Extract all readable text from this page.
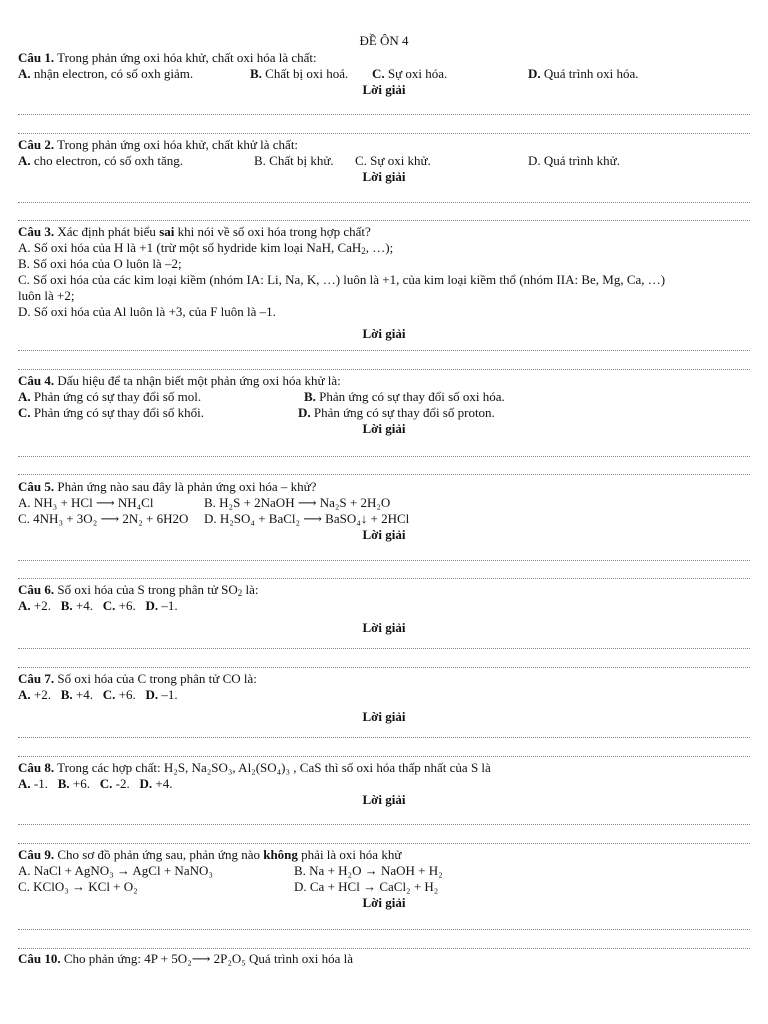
ĐỀ ÔN 4
Câu 1. Trong phản ứng oxi hóa khử, chất oxi hóa là chất:
A. nhận electron, có số oxh giảm.	B. Chất bị oxi hoá. C. Sự oxi hóa.	D. Quá trình oxi hóa.
Lời giải
Câu 2. Trong phản ứng oxi hóa khử, chất khử là chất:
A. cho electron, có số oxh tăng.	B. Chất bị khử. C. Sự oxi khử.	D. Quá trình khử.
Lời giải
Câu 3. Xác định phát biểu sai khi nói về số oxi hóa trong hợp chất?
A. Số oxi hóa của H là +1 (trừ một số hydride kim loại NaH, CaH$_2$, …);
B. Số oxi hóa của O luôn là –2;
C. Số oxi hóa của các kim loại kiềm (nhóm IA: Li, Na, K, …) luôn là +1, của kim loại kiềm thổ (nhóm IIA: Be, Mg, Ca, …)
luôn là +2;
D. Số oxi hóa của Al luôn là +3, của F luôn là –1.
Lời giải
Câu 4. Dấu hiệu để ta nhận biết một phản ứng oxi hóa khử là:
A. Phản ứng có sự thay đổi số mol.	B. Phản ứng có sự thay đổi số oxi hóa.
C. Phản ứng có sự thay đổi số khối.	D. Phản ứng có sự thay đổi số proton.
Lời giải
Câu 5. Phản ứng nào sau đây là phản ứng oxi hóa – khử?
A. NH₃ + HCl ⟶ NH₄Cl	B. H₂S + 2NaOH ⟶ Na₂S + 2H₂O
C. 4NH₃ + 3O₂ ⟶ 2N₂ + 6H2O D. H₂SO₄ + BaCl₂ ⟶ BaSO₄↓ + 2HCl
Lời giải
Câu 6. Số oxi hóa của S trong phân tử $SO_2$ là:
A. +2. B. +4. C. +6. D. –1.
Lời giải
Câu 7. Số oxi hóa của C trong phân tử CO là:
A. +2. B. +4. C. +6. D. –1.
Lời giải
Câu 8. Trong các hợp chất: H₂S, Na₂SO₃, Al₂(SO₄)₃ , CaS thì số oxi hóa thấp nhất của S là
A. -1. B. +6. C. -2. D. +4.
Lời giải
Câu 9. Cho sơ đồ phản ứng sau, phản ứng nào không phải là oxi hóa khử
A. NaCl + AgNO₃ → AgCl + NaNO₃	B. Na + H₂O → NaOH + H₂
C. KClO₃ → KCl + O₂	D. Ca + HCl → CaCl₂ + H₂
Lời giải
Câu 10. Cho phản ứng: 4P + 5O₂⟶ 2P₂O₅ Quá trình oxi hóa là
